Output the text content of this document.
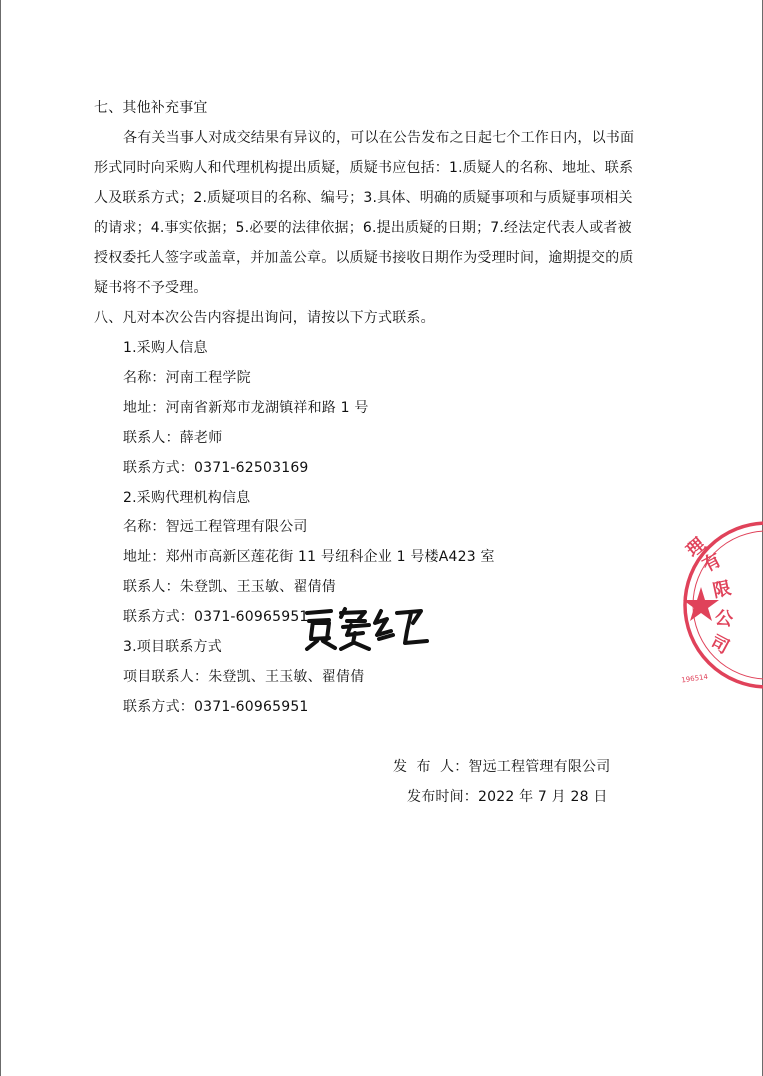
七、其他补充事宜
各有关当事人对成交结果有异议的，可以在公告发布之日起七个工作日内，以书面
形式同时向采购人和代理机构提出质疑，质疑书应包括：1.质疑人的名称、地址、联系
人及联系方式；2.质疑项目的名称、编号；3.具体、明确的质疑事项和与质疑事项相关
的请求；4.事实依据；5.必要的法律依据；6.提出质疑的日期；7.经法定代表人或者被
授权委托人签字或盖章，并加盖公章。以质疑书接收日期作为受理时间，逾期提交的质
疑书将不予受理。
八、凡对本次公告内容提出询问，请按以下方式联系。
1.采购人信息
名称：河南工程学院
地址：河南省新郑市龙湖镇祥和路 1 号
联系人：薛老师
联系方式：0371-62503169
2.采购代理机构信息
名称：智远工程管理有限公司
地址：郑州市高新区莲花街 11 号纽科企业 1 号楼A423 室
联系人：朱登凯、王玉敏、翟倩倩
联系方式：0371-60965951
3.项目联系方式
项目联系人：朱登凯、王玉敏、翟倩倩
联系方式：0371-60965951
发  布  人：智远工程管理有限公司
发布时间：2022 年 7 月 28 日
理
有
限
公
司
196514
